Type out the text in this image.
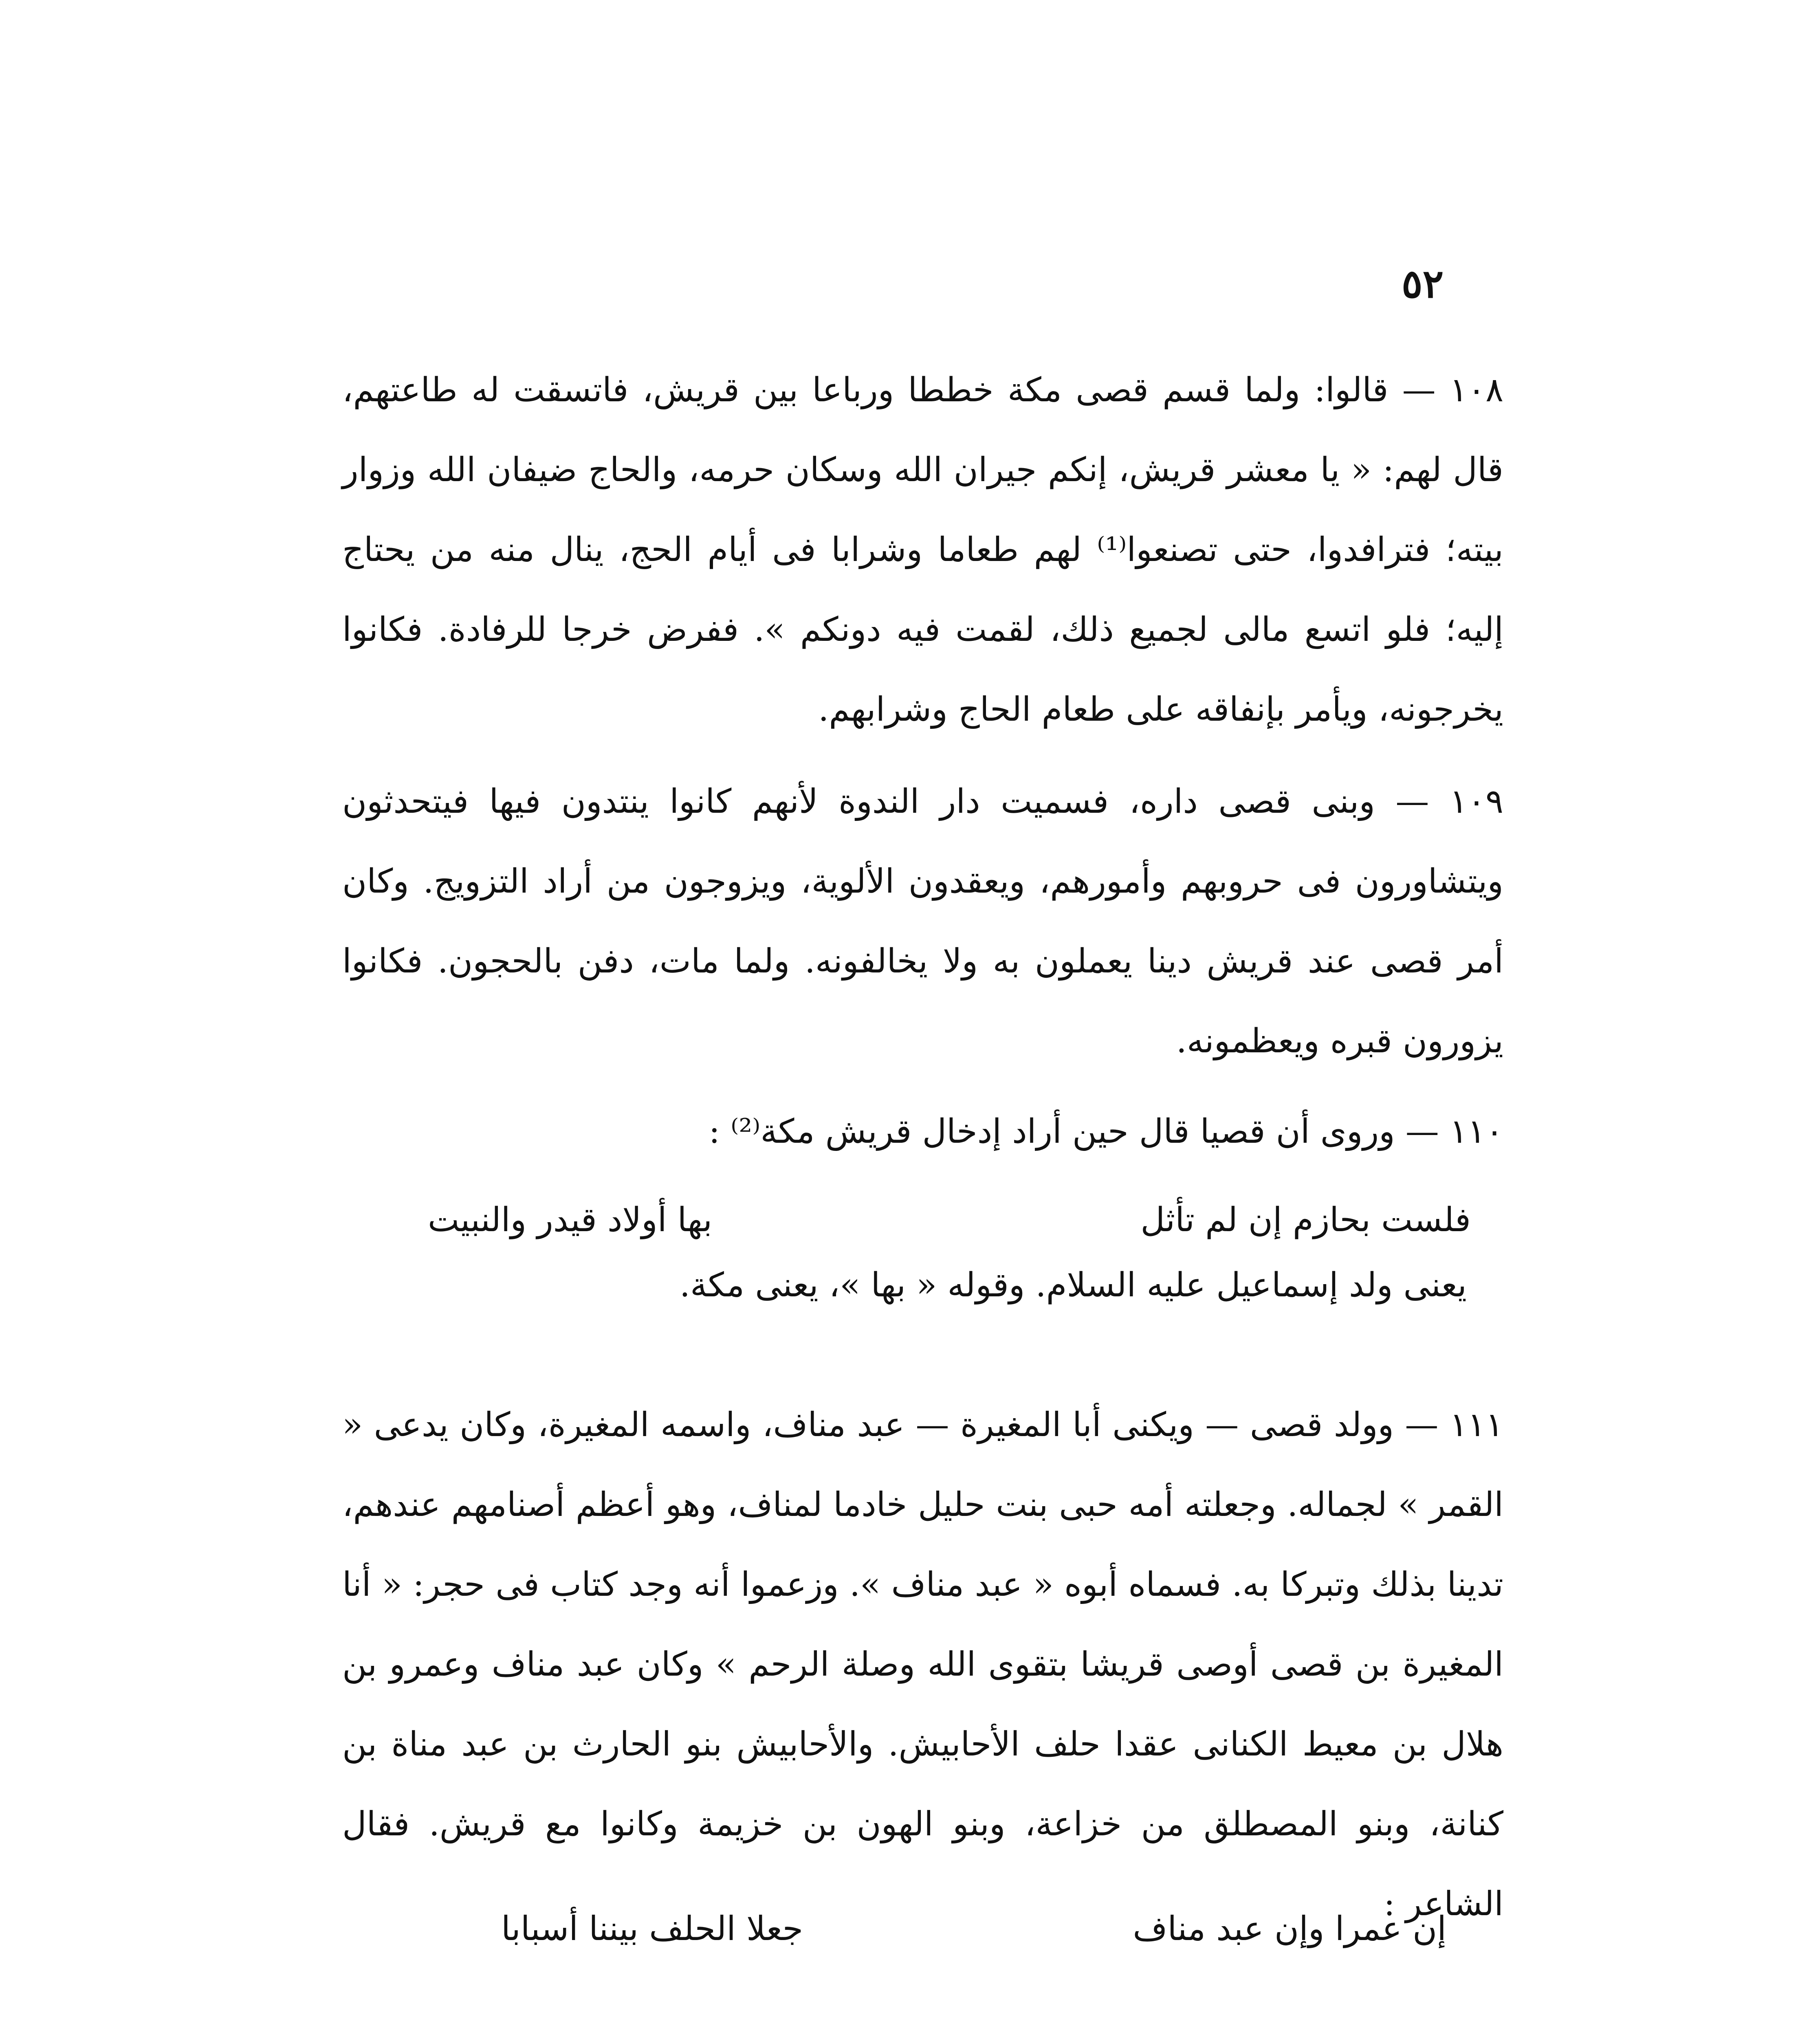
٥٢

١٠٨ — قالوا: ولما قسم قصى مكة خططا ورباعا بين قريش، فاتسقت له طاعتهم، قال لهم: « يا معشر قريش، إنكم جيران الله وسكان حرمه، والحاج ضيفان الله وزوار بيته؛ فترافدوا، حتى تصنعوا⁽¹⁾ لهم طعاما وشرابا فى أيام الحج، ينال منه من يحتاج إليه؛ فلو اتسع مالى لجميع ذلك، لقمت فيه دونكم ». ففرض خرجا للرفادة. فكانوا يخرجونه، ويأمر بإنفاقه على طعام الحاج وشرابهم.

١٠٩ — وبنى قصى داره، فسميت دار الندوة لأنهم كانوا ينتدون فيها فيتحدثون ويتشاورون فى حروبهم وأمورهم، ويعقدون الألوية، ويزوجون من أراد التزويج. وكان أمر قصى عند قريش دينا يعملون به ولا يخالفونه. ولما مات، دفن بالحجون. فكانوا يزورون قبره ويعظمونه.

١١٠ — وروى أن قصيا قال حين أراد إدخال قريش مكة⁽²⁾ :

فلست بحازم إن لم تأثل
بها أولاد قيدر والنبيت
يعنى ولد إسماعيل عليه السلام. وقوله « بها »، يعنى مكة.

١١١ — وولد قصى — ويكنى أبا المغيرة — عبد مناف، واسمه المغيرة، وكان يدعى « القمر » لجماله. وجعلته أمه حبى بنت حليل خادما لمناف، وهو أعظم أصنامهم عندهم، تدينا بذلك وتبركا به. فسماه أبوه « عبد مناف ». وزعموا أنه وجد كتاب فى حجر: « أنا المغيرة بن قصى أوصى قريشا بتقوى الله وصلة الرحم » وكان عبد مناف وعمرو بن هلال بن معيط الكنانى عقدا حلف الأحابيش. والأحابيش بنو الحارث بن عبد مناة بن كنانة، وبنو المصطلق من خزاعة، وبنو الهون بن خزيمة وكانوا مع قريش. فقال الشاعر :

إن عمرا وإن عبد مناف
جعلا الحلف بيننا أسبابا
